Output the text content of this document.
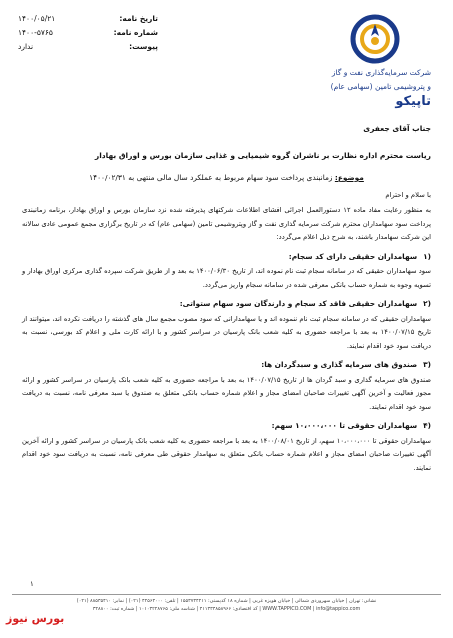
تاریخ نامه:
۱۴۰۰/۰۵/۲۱
شماره نامه:
۱۴۰۰-۵۷۶۵
پیوست:
ندارد
شرکت سرمایه‌گذاری نفت و گاز
و پتروشیمی تامین (سهامی عام)
تاپیکو
جناب آقای جعفری
ریاست محترم اداره نظارت بر ناشران گروه شیمیایی و غذایی سازمان بورس و اوراق بهادار
موضوع: زمانبندی پرداخت سود سهام مربوط به عملکرد سال مالی منتهی به ۱۴۰۰/۰۲/۳۱
با سلام و احترام
به منظور رعایت مفاد ماده ۱۲ دستورالعمل اجرائی افشای اطلاعات شرکتهای پذیرفته شده نزد سازمان بورس و اوراق بهادار، برنامه زمانبندی پرداخت سود سهامداران محترم شرکت سرمایه گذاری نفت و گاز وپتروشیمی تامین (سهامی عام) که در تاریخ برگزاری مجمع عمومی عادی سالانه این شرکت سهامدار باشند، به شرح ذیل اعلام می‌گردد:
۱)
سهامداران حقیقی دارای کد سجام:
سود سهامداران حقیقی که در سامانه سجام ثبت نام نموده اند، از تاریخ ۱۴۰۰/۰۶/۳۰ به بعد و از طریق شرکت سپرده گذاری مرکزی اوراق بهادار و تسویه وجوه به شماره حساب بانکی معرفی شده در سامانه سجام واریز می‌گردد.
۲)
سهامداران حقیقی فاقد کد سجام و دارندگان سود سهام ستواتی:
سهامداران حقیقی که در سامانه سجام ثبت نام ننموده اند و یا سهامدارانی که سود مصوب مجمع سال های گذشته را دریافت نکرده اند، میتوانند از تاریخ ۱۴۰۰/۰۷/۱۵ به بعد با مراجعه حضوری به کلیه شعب بانک پارسیان در سراسر کشور و با ارائه کارت ملی و اعلام کد بورسی، نسبت به دریافت سود خود اقدام نمایند.
۳)
صندوق های سرمایه گذاری و سبدگردان ها:
صندوق های سرمایه گذاری و سبد گردان ها از تاریخ ۱۴۰۰/۰۷/۱۵ به بعد با مراجعه حضوری به کلیه شعب بانک پارسیان در سراسر کشور و ارائه مجوز فعالیت و آخرین آگهی تغییرات صاحبان امضای مجاز و اعلام شماره حساب بانکی متعلق به صندوق یا سبد معرفی نامه، نسبت به دریافت سود خود اقدام نمایند.
۴)
سهامداران حقوقی تا ۱۰،۰۰۰،۰۰۰ سهم:
سهامداران حقوقی تا ۱۰،۰۰۰،۰۰۰ سهم، از تاریخ ۱۴۰۰/۰۸/۰۱ به بعد با مراجعه حضوری به کلیه شعب بانک پارسیان در سراسر کشور و ارائه آخرین آگهی تغییرات صاحبان امضای مجاز و اعلام شماره حساب بانکی متعلق به سهامدار حقوقی طی معرفی نامه، نسبت به دریافت سود خود اقدام نمایند.
۱
نشانی: تهران | خیابان سهروردی شمالی | خیابان هویزه غربی | شماره ۱۸ کدپستی: ۱۵۵۳۷۳۴۲۱۱ | تلفن: ۴۲۵۶۴۰۰۰ (۰۲۱) | نمابر: ۸۸۵۳۵۴۱۰ (۰۲۱)
WWW.TAPPICO.COM | info@tappico.com | کد اقتصادی: ۴۱۱۳۳۴۸۵۸۹۶۶ | شناسه ملی: ۱۰۱۰۳۲۲۸۷۶۵ | شماره ثبت: ۳۴۸۸۰۰
بورس نیوز
